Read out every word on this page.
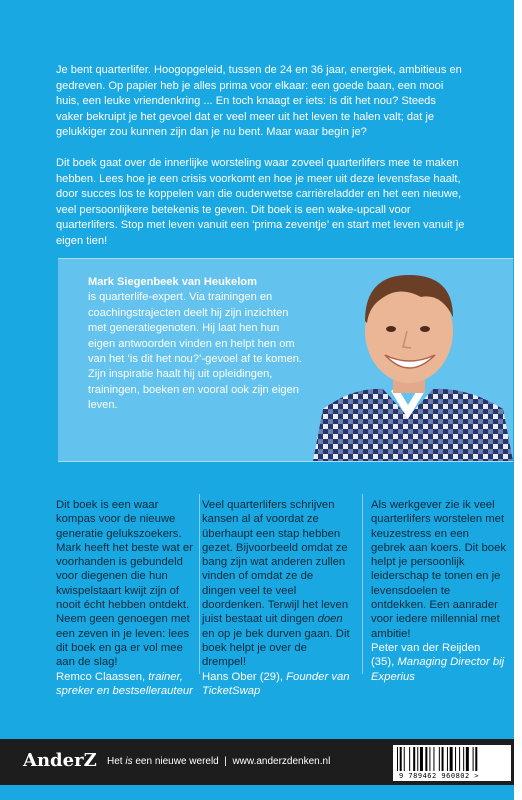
Je bent quarterlifer. Hoogopgeleid, tussen de 24 en 36 jaar, energiek, ambitieus en gedreven. Op papier heb je alles prima voor elkaar: een goede baan, een mooi huis, een leuke vriendenkring ... En toch knaagt er iets: is dit het nou? Steeds vaker bekruipt je het gevoel dat er veel meer uit het leven te halen valt; dat je gelukkiger zou kunnen zijn dan je nu bent. Maar waar begin je?

Dit boek gaat over de innerlijke worsteling waar zoveel quarterlifers mee te maken hebben. Lees hoe je een crisis voorkomt en hoe je meer uit deze levensfase haalt, door succes los te koppelen van die ouderwetse carrièreladder en het een nieuwe, veel persoonlijkere betekenis te geven. Dit boek is een wake-upcall voor quarterlifers. Stop met leven vanuit een ‘prima zeventje’ en start met leven vanuit je eigen tien!

Mark Siegenbeek van Heukelom
is quarterlife-expert. Via trainingen en coachingstrajecten deelt hij zijn inzichten met generatiegenoten. Hij laat hen hun eigen antwoorden vinden en helpt hen om van het ‘is dit het nou?’-gevoel af te komen. Zijn inspiratie haalt hij uit opleidingen, trainingen, boeken en vooral ook zijn eigen leven.
Dit boek is een waar kompas voor de nieuwe generatie gelukszoekers. Mark heeft het beste wat er voorhanden is gebundeld voor diegenen die hun kwispelstaart kwijt zijn of nooit écht hebben ontdekt. Neem geen genoegen met een zeven in je leven: lees dit boek en ga er vol mee aan de slag!
Remco Claassen, trainer, spreker en bestsellerauteur
Veel quarterlifers schrijven kansen al af voordat ze überhaupt een stap hebben gezet. Bijvoorbeeld omdat ze bang zijn wat anderen zullen vinden of omdat ze de dingen veel te veel doordenken. Terwijl het leven juist bestaat uit dingen doen en op je bek durven gaan. Dit boek helpt je over de drempel!
Hans Ober (29), Founder van TicketSwap
Als werkgever zie ik veel quarterlifers worstelen met keuzestress en een gebrek aan koers. Dit boek helpt je persoonlijk leiderschap te tonen en je levensdoelen te ontdekken. Een aanrader voor iedere millennial met ambitie!
Peter van der Reijden (35), Managing Director bij Experius
AnderZ Het is een nieuwe wereld  |  www.anderzdenken.nl
9 789462 960802 >
